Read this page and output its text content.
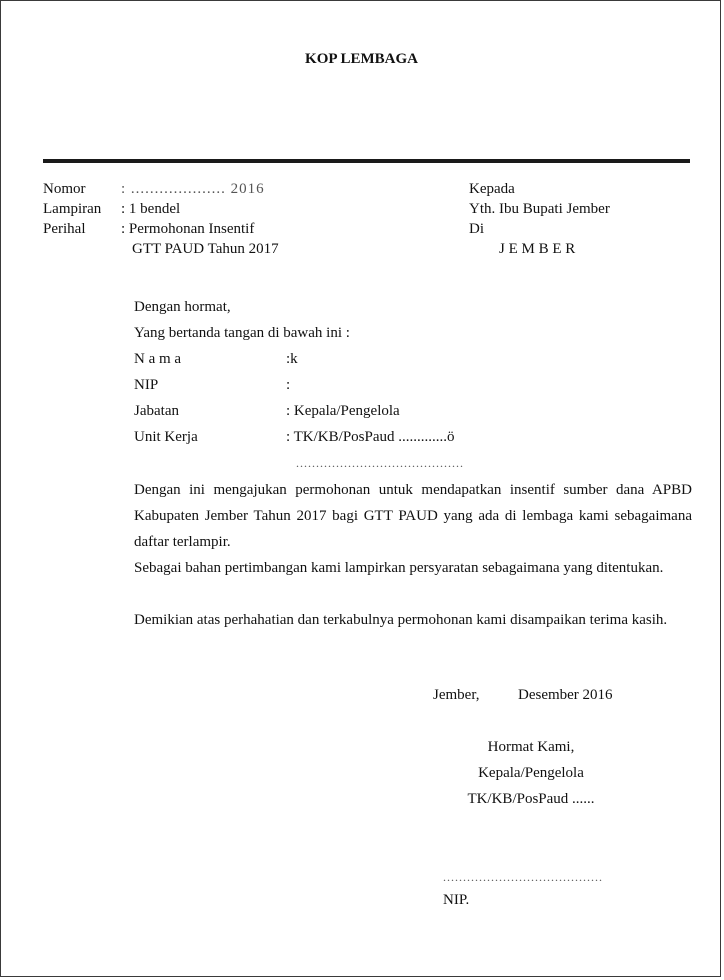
KOP LEMBAGA
Nomor : .................... 2016
Lampiran : 1 bendel
Perihal : Permohonan Insentif
GTT PAUD Tahun 2017
Kepada
Yth. Ibu Bupati Jember
Di
J E M B E R
Dengan hormat,
Yang bertanda tangan di bawah ini :
N a m a	:k
NIP	:
Jabatan	: Kepala/Pengelola
Unit Kerja	: TK/KB/PosPaud .............ö
..........................................
Dengan ini mengajukan permohonan untuk mendapatkan insentif sumber dana APBD Kabupaten Jember Tahun 2017 bagi GTT PAUD yang ada di lembaga kami sebagaimana daftar terlampir.
Sebagai bahan pertimbangan kami lampirkan persyaratan sebagaimana yang ditentukan.
Demikian atas perhahatian dan terkabulnya permohonan kami disampaikan terima kasih.
Jember,	Desember 2016
Hormat Kami,
Kepala/Pengelola
TK/KB/PosPaud ......
........................................
NIP.
